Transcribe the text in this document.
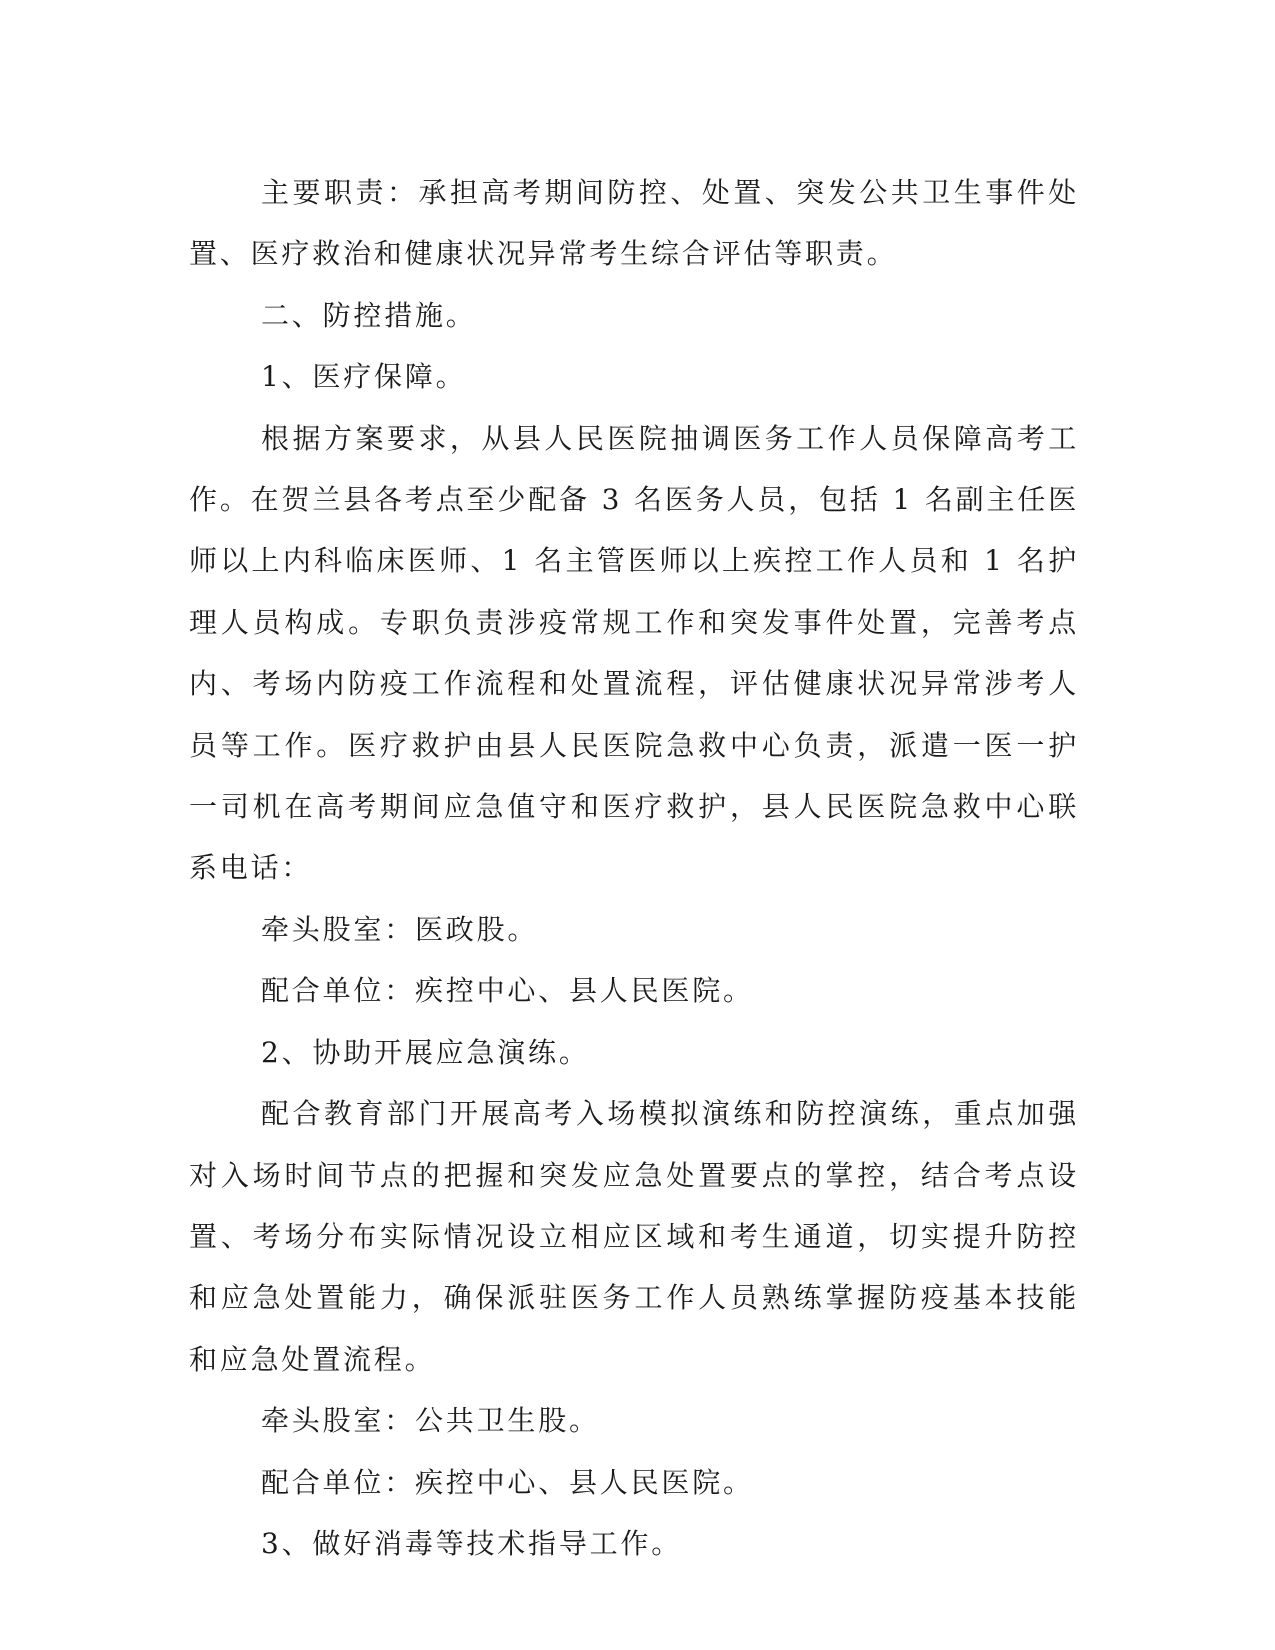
主要职责：承担高考期间防控、处置、突发公共卫生事件处置、医疗救治和健康状况异常考生综合评估等职责。

二、防控措施。

1、医疗保障。

根据方案要求，从县人民医院抽调医务工作人员保障高考工作。在贺兰县各考点至少配备 3 名医务人员，包括 1 名副主任医师以上内科临床医师、1 名主管医师以上疾控工作人员和 1 名护理人员构成。专职负责涉疫常规工作和突发事件处置，完善考点内、考场内防疫工作流程和处置流程，评估健康状况异常涉考人员等工作。医疗救护由县人民医院急救中心负责，派遣一医一护一司机在高考期间应急值守和医疗救护，县人民医院急救中心联系电话：

牵头股室：医政股。

配合单位：疾控中心、县人民医院。

2、协助开展应急演练。

配合教育部门开展高考入场模拟演练和防控演练，重点加强对入场时间节点的把握和突发应急处置要点的掌控，结合考点设置、考场分布实际情况设立相应区域和考生通道，切实提升防控和应急处置能力，确保派驻医务工作人员熟练掌握防疫基本技能和应急处置流程。

牵头股室：公共卫生股。

配合单位：疾控中心、县人民医院。

3、做好消毒等技术指导工作。
